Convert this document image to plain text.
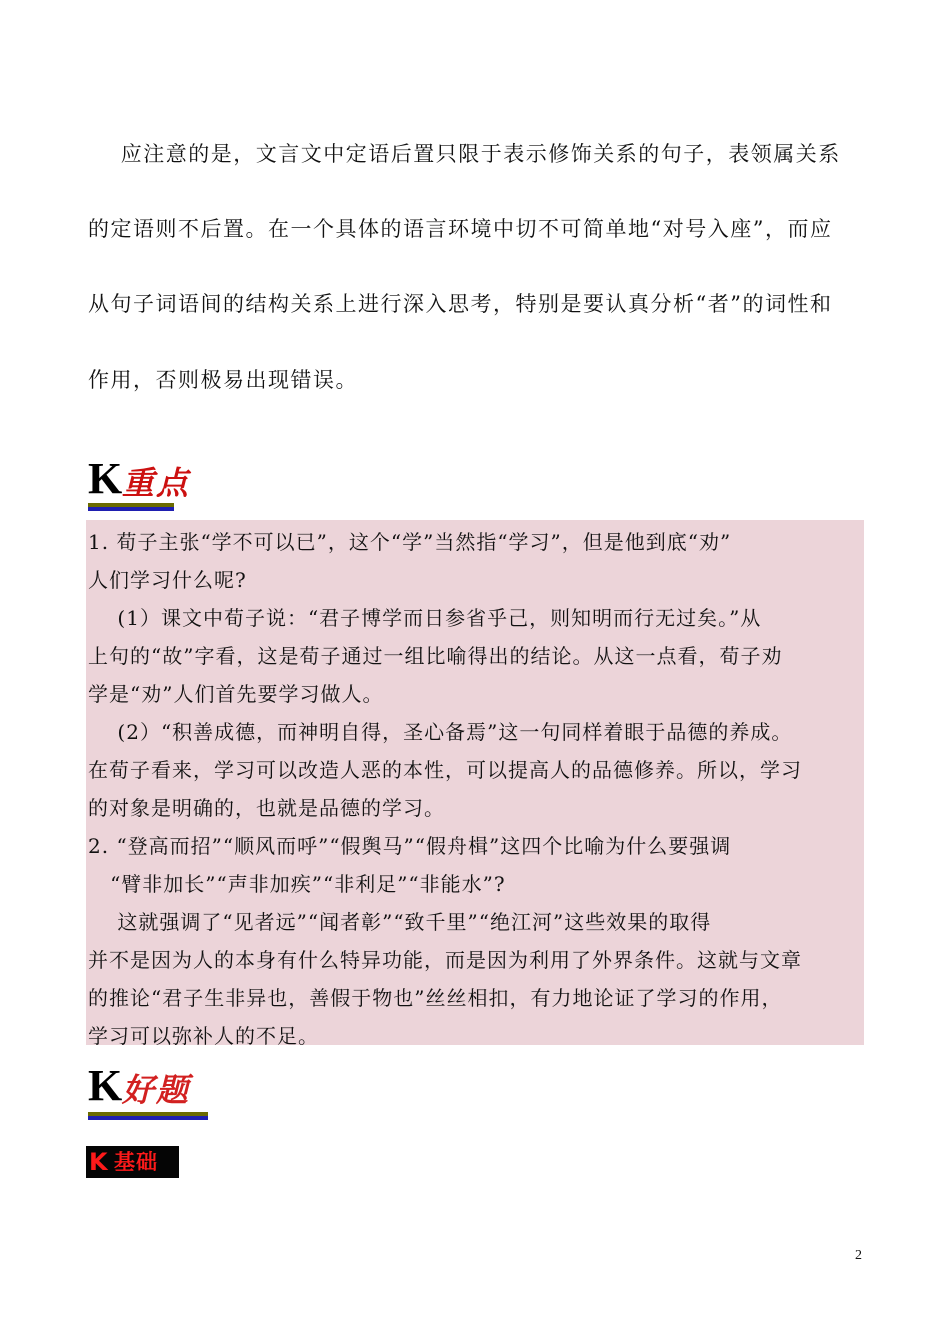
应注意的是，文言文中定语后置只限于表示修饰关系的句子，表领属关系
的定语则不后置。在一个具体的语言环境中切不可简单地“对号入座”，而应
从句子词语间的结构关系上进行深入思考，特别是要认真分析“者”的词性和
作用，否则极易出现错误。
K 重点
1. 荀子主张“学不可以已”，这个“学”当然指“学习”，但是他到底“劝”
人们学习什么呢?
(1）课文中荀子说：“君子博学而日参省乎己，则知明而行无过矣。”从
上句的“故”字看，这是荀子通过一组比喻得出的结论。从这一点看，荀子劝
学是“劝”人们首先要学习做人。
(2）“积善成德，而神明自得，圣心备焉”这一句同样着眼于品德的养成。
在荀子看来，学习可以改造人恶的本性，可以提高人的品德修养。所以，学习
的对象是明确的，也就是品德的学习。
2. “登高而招”“顺风而呼”“假舆马”“假舟楫”这四个比喻为什么要强调
“臂非加长”“声非加疾”“非利足”“非能水”?
这就强调了“见者远”“闻者彰”“致千里”“绝江河”这些效果的取得
并不是因为人的本身有什么特异功能，而是因为利用了外界条件。这就与文章
的推论“君子生非异也，善假于物也”丝丝相扣，有力地论证了学习的作用，
学习可以弥补人的不足。
K 好题
K 基础
2
